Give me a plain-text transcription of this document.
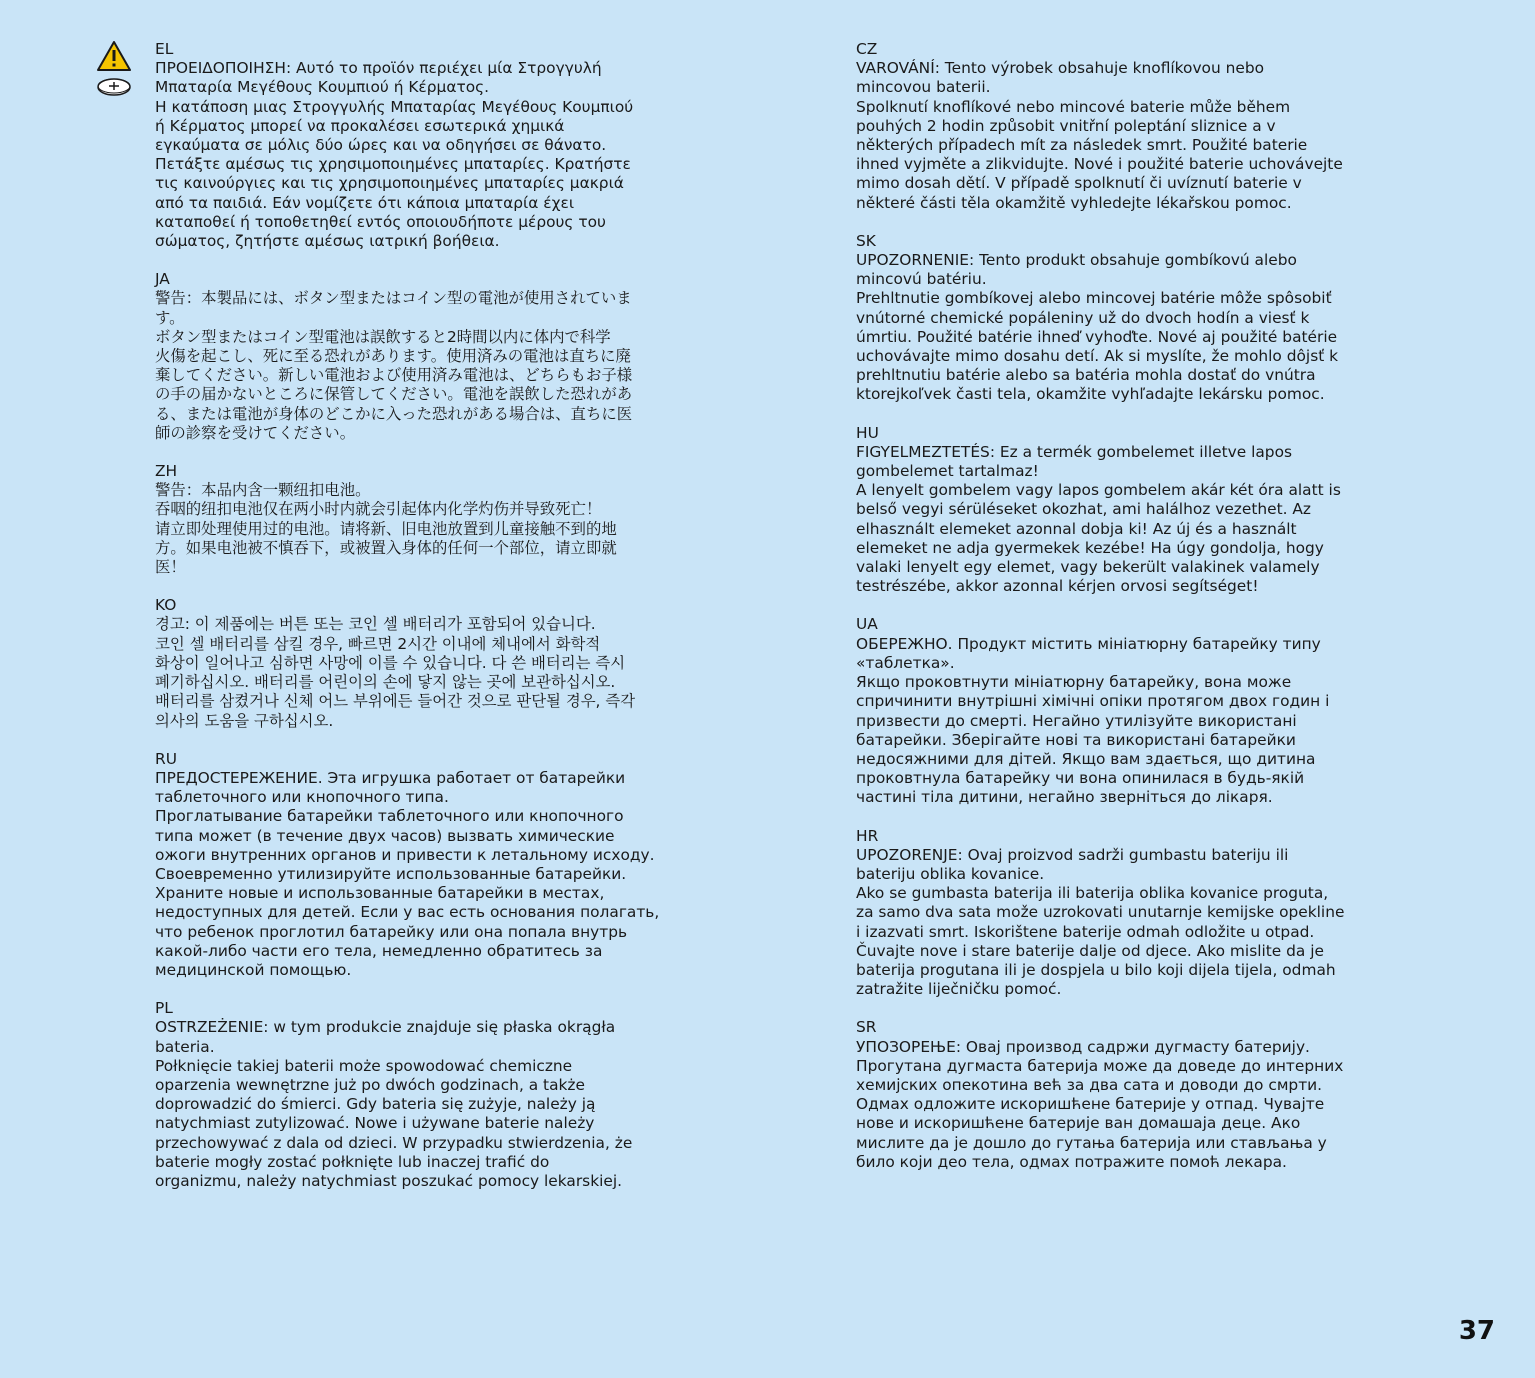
EL
ΠΡΟΕΙΔΟΠΟΙΗΣΗ: Αυτό το προϊόν περιέχει μία Στρογγυλή
Μπαταρία Μεγέθους Κουμπιού ή Κέρματος.
Η κατάποση μιας Στρογγυλής Μπαταρίας Μεγέθους Κουμπιού
ή Κέρματος μπορεί να προκαλέσει εσωτερικά χημικά
εγκαύματα σε μόλις δύο ώρες και να οδηγήσει σε θάνατο.
Πετάξτε αμέσως τις χρησιμοποιημένες μπαταρίες. Κρατήστε
τις καινούργιες και τις χρησιμοποιημένες μπαταρίες μακριά
από τα παιδιά. Εάν νομίζετε ότι κάποια μπαταρία έχει
καταποθεί ή τοποθετηθεί εντός οποιουδήποτε μέρους του
σώματος, ζητήστε αμέσως ιατρική βοήθεια.
JA
警告：本製品には、ボタン型またはコイン型の電池が使用されていま
す。
ボタン型またはコイン型電池は誤飲すると2時間以内に体内で科学
火傷を起こし、死に至る恐れがあります。使用済みの電池は直ちに廃
棄してください。新しい電池および使用済み電池は、どちらもお子様
の手の届かないところに保管してください。電池を誤飲した恐れがあ
る、または電池が身体のどこかに入った恐れがある場合は、直ちに医
師の診察を受けてください。
ZH
警告：本品内含一颗纽扣电池。
吞咽的纽扣电池仅在两小时内就会引起体内化学灼伤并导致死亡！
请立即处理使用过的电池。请将新、旧电池放置到儿童接触不到的地
方。如果电池被不慎吞下，或被置入身体的任何一个部位，请立即就
医！
KO
경고: 이 제품에는 버튼 또는 코인 셀 배터리가 포함되어 있습니다.
코인 셀 배터리를 삼킬 경우, 빠르면 2시간 이내에 체내에서 화학적
화상이 일어나고 심하면 사망에 이를 수 있습니다. 다 쓴 배터리는 즉시
폐기하십시오. 배터리를 어린이의 손에 닿지 않는 곳에 보관하십시오.
배터리를 삼켰거나 신체 어느 부위에든 들어간 것으로 판단될 경우, 즉각
의사의 도움을 구하십시오.
RU
ПРЕДОСТЕРЕЖЕНИЕ. Эта игрушка работает от батарейки
таблеточного или кнопочного типа.
Проглатывание батарейки таблеточного или кнопочного
типа может (в течение двух часов) вызвать химические
ожоги внутренних органов и привести к летальному исходу.
Своевременно утилизируйте использованные батарейки.
Храните новые и использованные батарейки в местах,
недоступных для детей. Если у вас есть основания полагать,
что ребенок проглотил батарейку или она попала внутрь
какой-либо части его тела, немедленно обратитесь за
медицинской помощью.
PL
OSTRZEŻENIE: w tym produkcie znajduje się płaska okrągła
bateria.
Połknięcie takiej baterii może spowodować chemiczne
oparzenia wewnętrzne już po dwóch godzinach, a także
doprowadzić do śmierci. Gdy bateria się zużyje, należy ją
natychmiast zutylizować. Nowe i używane baterie należy
przechowywać z dala od dzieci. W przypadku stwierdzenia, że
baterie mogły zostać połknięte lub inaczej trafić do
organizmu, należy natychmiast poszukać pomocy lekarskiej.
CZ
VAROVÁNÍ: Tento výrobek obsahuje knoflíkovou nebo
mincovou baterii.
Spolknutí knoflíkové nebo mincové baterie může během
pouhých 2 hodin způsobit vnitřní poleptání sliznice a v
některých případech mít za následek smrt. Použité baterie
ihned vyjměte a zlikvidujte. Nové i použité baterie uchovávejte
mimo dosah dětí. V případě spolknutí či uvíznutí baterie v
některé části těla okamžitě vyhledejte lékařskou pomoc.
SK
UPOZORNENIE: Tento produkt obsahuje gombíkovú alebo
mincovú batériu.
Prehltnutie gombíkovej alebo mincovej batérie môže spôsobiť
vnútorné chemické popáleniny už do dvoch hodín a viesť k
úmrtiu. Použité batérie ihneď vyhoďte. Nové aj použité batérie
uchovávajte mimo dosahu detí. Ak si myslíte, že mohlo dôjsť k
prehltnutiu batérie alebo sa batéria mohla dostať do vnútra
ktorejkoľvek časti tela, okamžite vyhľadajte lekársku pomoc.
HU
FIGYELMEZTETÉS: Ez a termék gombelemet illetve lapos
gombelemet tartalmaz!
A lenyelt gombelem vagy lapos gombelem akár két óra alatt is
belső vegyi sérüléseket okozhat, ami halálhoz vezethet. Az
elhasznált elemeket azonnal dobja ki! Az új és a használt
elemeket ne adja gyermekek kezébe! Ha úgy gondolja, hogy
valaki lenyelt egy elemet, vagy bekerült valakinek valamely
testrészébe, akkor azonnal kérjen orvosi segítséget!
UA
ОБЕРЕЖНО. Продукт містить мініатюрну батарейку типу
«таблетка».
Якщо проковтнути мініатюрну батарейку, вона може
спричинити внутрішні хімічні опіки протягом двох годин і
призвести до смерті. Негайно утилізуйте використані
батарейки. Зберігайте нові та використані батарейки
недосяжними для дітей. Якщо вам здається, що дитина
проковтнула батарейку чи вона опинилася в будь-якій
частині тіла дитини, негайно зверніться до лікаря.
HR
UPOZORENJE: Ovaj proizvod sadrži gumbastu bateriju ili
bateriju oblika kovanice.
Ako se gumbasta baterija ili baterija oblika kovanice proguta,
za samo dva sata može uzrokovati unutarnje kemijske opekline
i izazvati smrt. Iskorištene baterije odmah odložite u otpad.
Čuvajte nove i stare baterije dalje od djece. Ako mislite da je
baterija progutana ili je dospjela u bilo koji dijela tijela, odmah
zatražite liječničku pomoć.
SR
УПОЗОРЕЊЕ: Овај производ садржи дугмасту батерију.
Прогутана дугмаста батерија може да доведе до интерних
хемијских опекотина већ за два сата и доводи до смрти.
Одмах одложите искоришћене батерије у отпад. Чувајте
нове и искоришћене батерије ван домашаја деце. Ако
мислите да је дошло до гутања батерија или стављања у
било који део тела, одмах потражите помоћ лекара.
37
